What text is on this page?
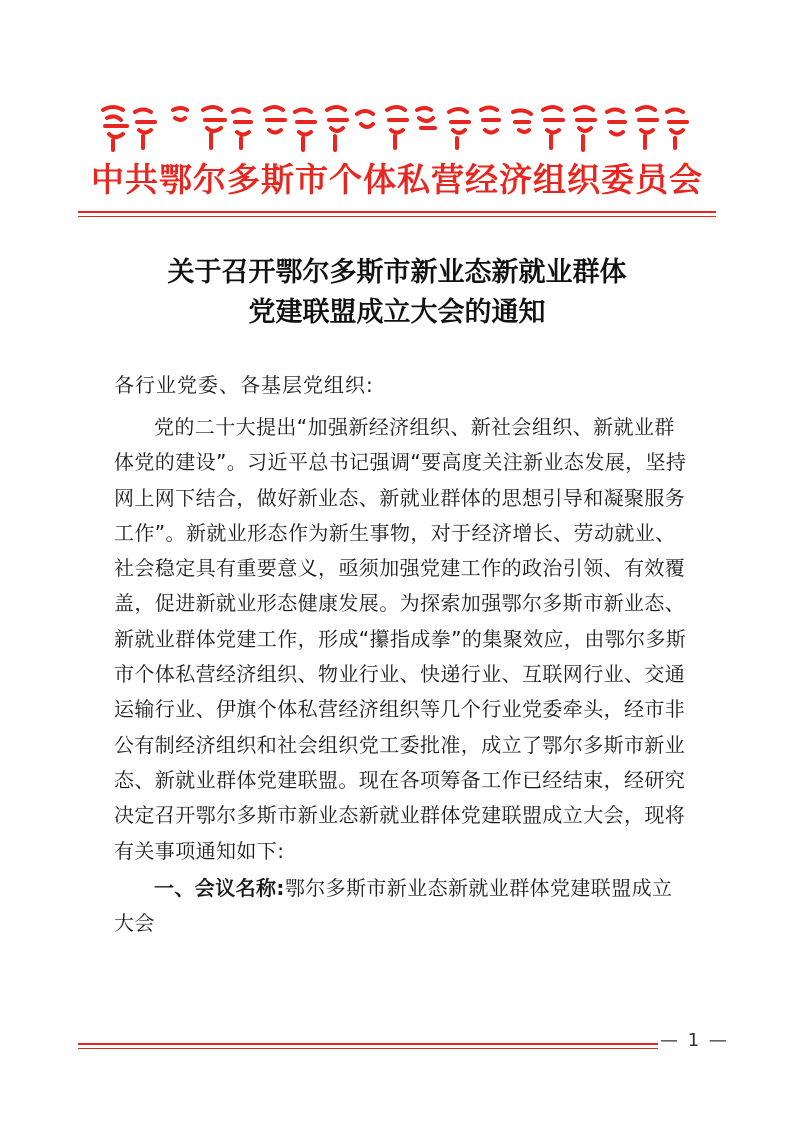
中共鄂尔多斯市个体私营经济组织委员会
关于召开鄂尔多斯市新业态新就业群体
党建联盟成立大会的通知
各行业党委、各基层党组织:
党的二十大提出“加强新经济组织、新社会组织、新就业群
体党的建设”。习近平总书记强调“要高度关注新业态发展，坚持
网上网下结合，做好新业态、新就业群体的思想引导和凝聚服务
工作”。新就业形态作为新生事物，对于经济增长、劳动就业、
社会稳定具有重要意义，亟须加强党建工作的政治引领、有效覆
盖，促进新就业形态健康发展。为探索加强鄂尔多斯市新业态、
新就业群体党建工作，形成“攥指成拳”的集聚效应，由鄂尔多斯
市个体私营经济组织、物业行业、快递行业、互联网行业、交通
运输行业、伊旗个体私营经济组织等几个行业党委牵头，经市非
公有制经济组织和社会组织党工委批准，成立了鄂尔多斯市新业
态、新就业群体党建联盟。现在各项筹备工作已经结束，经研究
决定召开鄂尔多斯市新业态新就业群体党建联盟成立大会，现将
有关事项通知如下:
一、会议名称:鄂尔多斯市新业态新就业群体党建联盟成立
大会
— 1 —
